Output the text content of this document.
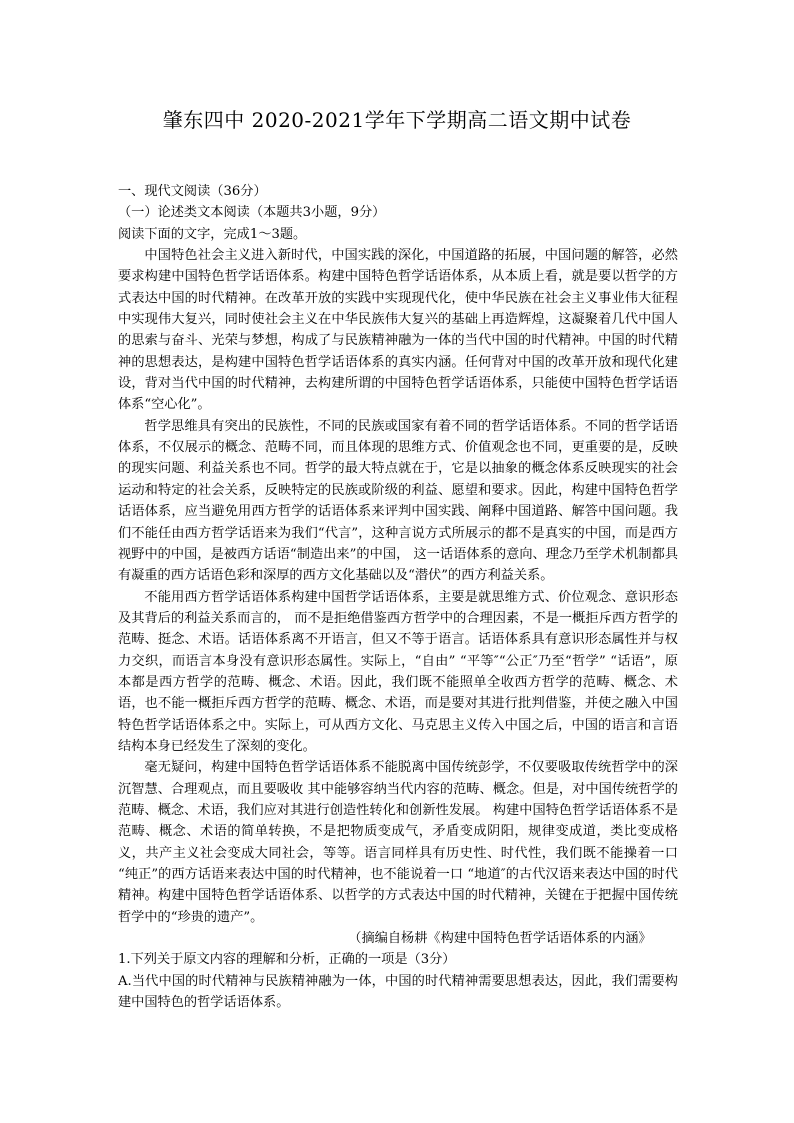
肇东四中 2020-2021学年下学期高二语文期中试卷

一、现代文阅读（36分）

（一）论述类文本阅读（本题共3小题，9分）

阅读下面的文字，完成1～3题。

中国特色社会主义进入新时代，中国实践的深化，中国道路的拓展，中国问题的解答，必然要求构建中国特色哲学话语体系。构建中国特色哲学话语体系，从本质上看，就是要以哲学的方式表达中国的时代精神。在改革开放的实践中实现现代化，使中华民族在社会主义事业伟大征程中实现伟大复兴，同时使社会主义在中华民族伟大复兴的基础上再造辉煌，这凝聚着几代中国人的思索与奋斗、光荣与梦想，构成了与民族精神融为一体的当代中国的时代精神。中国的时代精神的思想表达，是构建中国特色哲学话语体系的真实内涵。任何背对中国的改革开放和现代化建设，背对当代中国的时代精神，去构建所谓的中国特色哲学话语体系，只能使中国特色哲学话语体系“空心化”。

哲学思维具有突出的民族性，不同的民族或国家有着不同的哲学话语体系。不同的哲学话语体系，不仅展示的概念、范畴不同，而且体现的思维方式、价值观念也不同，更重要的是，反映的现实问题、利益关系也不同。哲学的最大特点就在于，它是以抽象的概念体系反映现实的社会运动和特定的社会关系，反映特定的民族或阶级的利益、愿望和要求。因此，构建中国特色哲学话语体系，应当避免用西方哲学的话语体系来评判中国实践、阐释中国道路、解答中国问题。我们不能任由西方哲学话语来为我们“代言”，这种言说方式所展示的都不是真实的中国，而是西方视野中的中国，是被西方话语“制造出来”的中国， 这一话语体系的意向、理念乃至学术机制都具有凝重的西方话语色彩和深厚的西方文化基础以及“潜伏”的西方利益关系。

不能用西方哲学话语体系构建中国哲学话语体系，主要是就思维方式、价位观念、意识形态及其背后的利益关系而言的， 而不是拒绝借鉴西方哲学中的合理因素，不是一概拒斥西方哲学的范畴、挺念、术语。话语体系离不开语言，但又不等于语言。话语体系具有意识形态属性并与权力交织，而语言本身没有意识形态属性。实际上，“自由” “平等″“公正″乃至“哲学” “话语”，原本都是西方哲学的范畴、概念、术语。因此，我们既不能照单全收西方哲学的范畴、概念、术语，也不能一概拒斥西方哲学的范畴、概念、术语，而是要对其进行批判借鉴，并使之融入中国特色哲学话语体系之中。实际上，可从西方文化、马克思主义传入中国之后，中国的语言和言语结构本身已经发生了深刻的变化。

毫无疑问，构建中国特色哲学话语体系不能脱离中国传统彭学，不仅要吸取传统哲学中的深沉智慧、合理观点，而且要吸收 其中能够容纳当代内容的范畴、概念。但是，对中国传统哲学的范畴、概念、术语，我们应对其进行创造性转化和创新性发展。 构建中国特色哲学话语体系不是范畴、概念、术语的简单转换，不是把物质变成气，矛盾变成阴阳，规律变成道，类比变成格义，共产主义社会变成大同社会，等等。语言同样具有历史性、时代性，我们既不能操着一口 “纯正”的西方话语来表达中国的时代精神，也不能说着一口 “地道″的古代汉语来表达中国的时代精神。构建中国特色哲学话语体系、以哲学的方式表达中国的时代精神，关键在于把握中国传统哲学中的“珍贵的遗产”。

（摘编自杨耕《构建中国特色哲学话语体系的内涵》

1.下列关于原文内容的理解和分析，正确的一项是（3分）

A.当代中国的时代精神与民族精神融为一体，中国的时代精神需要思想表达，因此，我们需要构建中国特色的哲学话语体系。
